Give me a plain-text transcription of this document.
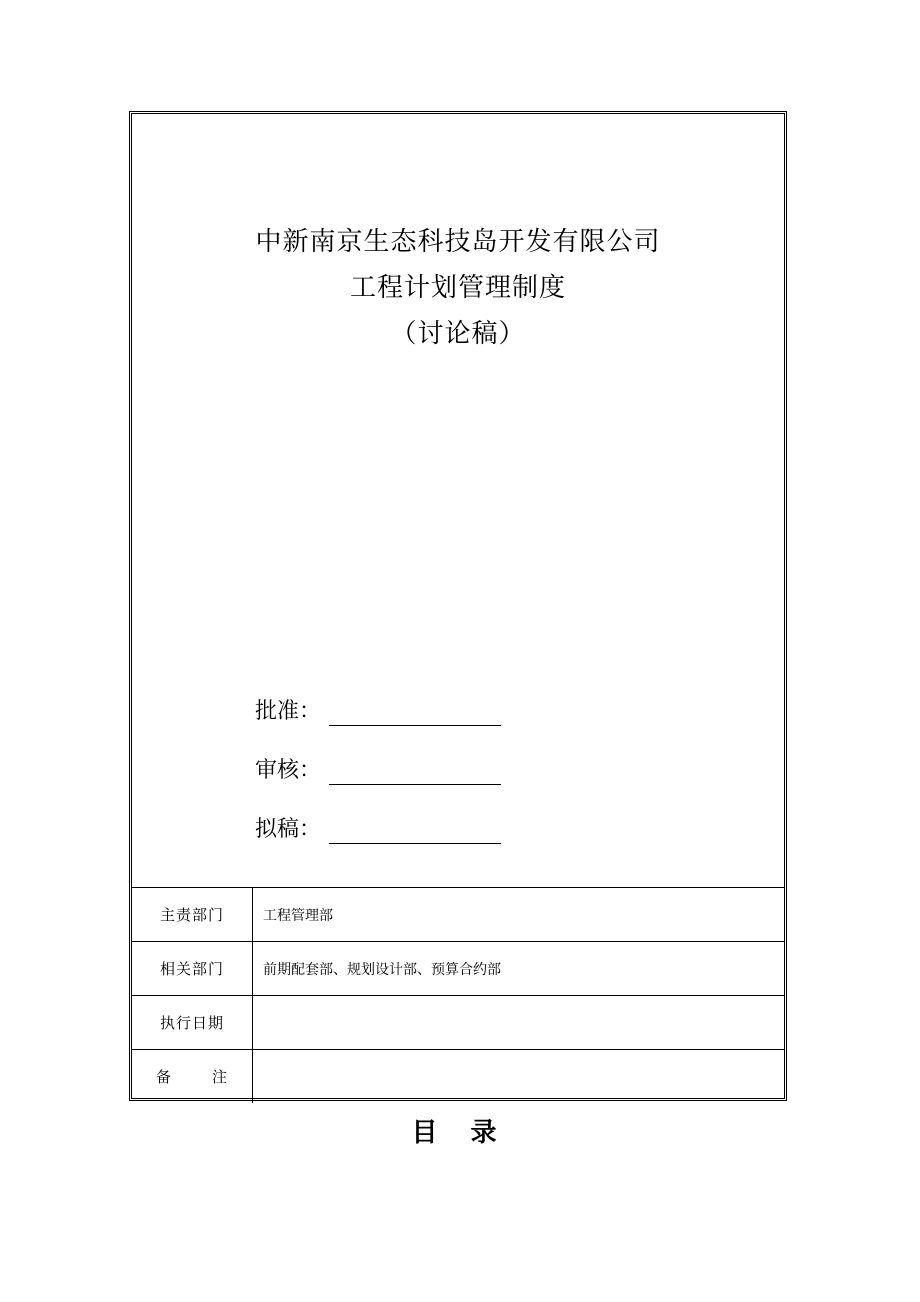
中新南京生态科技岛开发有限公司
工程计划管理制度
（讨论稿）
批准：
审核：
拟稿：
主责部门	工程管理部
相关部门	前期配套部、规划设计部、预算合约部
执行日期	

备 注	

目 录
